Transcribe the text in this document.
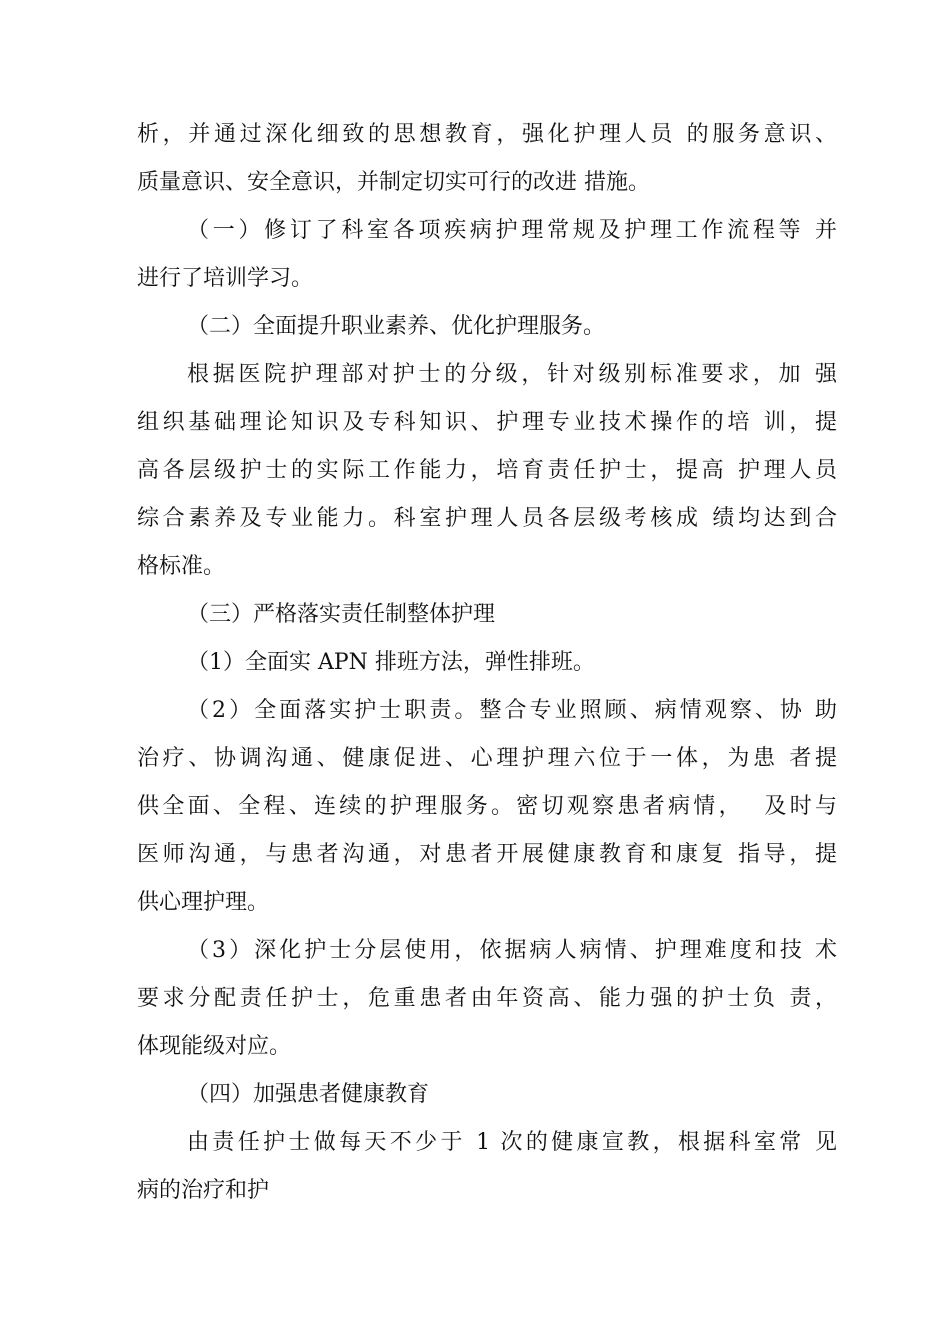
析，并通过深化细致的思想教育，强化护理人员 的服务意识、
质量意识、安全意识，并制定切实可行的改进 措施。
（一）修订了科室各项疾病护理常规及护理工作流程等 并
进行了培训学习。
（二）全面提升职业素养、优化护理服务。
根据医院护理部对护士的分级，针对级别标准要求，加 强
组织基础理论知识及专科知识、护理专业技术操作的培 训，提
高各层级护士的实际工作能力，培育责任护士，提高 护理人员
综合素养及专业能力。科室护理人员各层级考核成 绩均达到合
格标准。
（三）严格落实责任制整体护理
（1）全面实 APN 排班方法，弹性排班。
（2）全面落实护士职责。整合专业照顾、病情观察、协 助
治疗、协调沟通、健康促进、心理护理六位于一体，为患 者提
供全面、全程、连续的护理服务。密切观察患者病情，  及时与
医师沟通，与患者沟通，对患者开展健康教育和康复 指导，提
供心理护理。
（3）深化护士分层使用，依据病人病情、护理难度和技 术
要求分配责任护士，危重患者由年资高、能力强的护士负 责，
体现能级对应。
（四）加强患者健康教育
由责任护士做每天不少于 1 次的健康宣教，根据科室常 见
病的治疗和护
